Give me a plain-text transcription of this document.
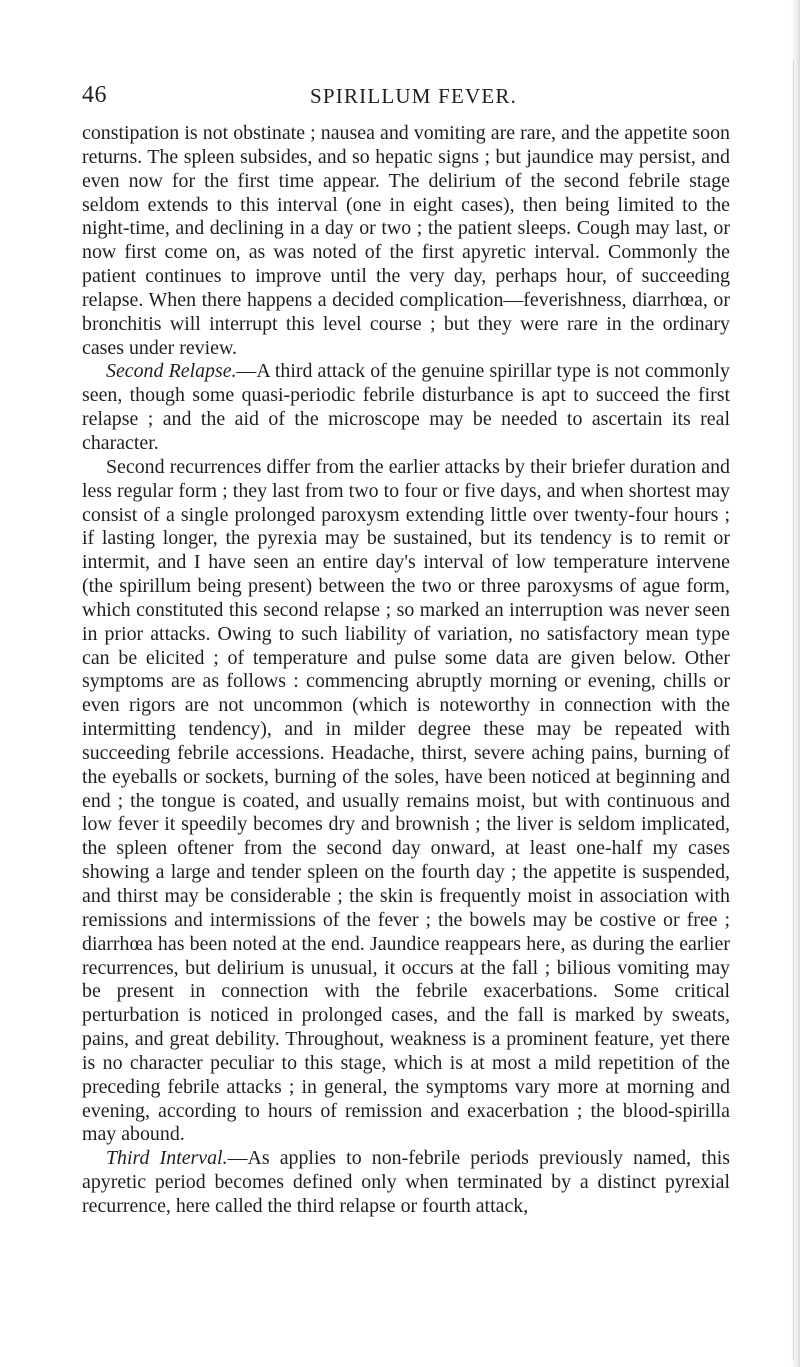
46	SPIRILLUM FEVER.

constipation is not obstinate ; nausea and vomiting are rare, and the appetite soon returns. The spleen subsides, and so hepatic signs ; but jaundice may persist, and even now for the first time appear. The delirium of the second febrile stage seldom extends to this interval (one in eight cases), then being limited to the night-time, and declining in a day or two ; the patient sleeps. Cough may last, or now first come on, as was noted of the first apyretic interval. Commonly the patient continues to improve until the very day, perhaps hour, of succeeding relapse. When there happens a decided complication—feverishness, diarrhœa, or bronchitis will interrupt this level course ; but they were rare in the ordinary cases under review.

Second Relapse.—A third attack of the genuine spirillar type is not commonly seen, though some quasi-periodic febrile disturbance is apt to succeed the first relapse ; and the aid of the microscope may be needed to ascertain its real character.

Second recurrences differ from the earlier attacks by their briefer duration and less regular form ; they last from two to four or five days, and when shortest may consist of a single prolonged paroxysm extending little over twenty-four hours ; if lasting longer, the pyrexia may be sustained, but its tendency is to remit or intermit, and I have seen an entire day's interval of low temperature intervene (the spirillum being present) between the two or three paroxysms of ague form, which constituted this second relapse ; so marked an interruption was never seen in prior attacks. Owing to such liability of variation, no satisfactory mean type can be elicited ; of temperature and pulse some data are given below. Other symptoms are as follows : commencing abruptly morning or evening, chills or even rigors are not uncommon (which is noteworthy in connection with the intermitting tendency), and in milder degree these may be repeated with succeeding febrile accessions. Headache, thirst, severe aching pains, burning of the eyeballs or sockets, burning of the soles, have been noticed at beginning and end ; the tongue is coated, and usually remains moist, but with continuous and low fever it speedily becomes dry and brownish ; the liver is seldom implicated, the spleen oftener from the second day onward, at least one-half my cases showing a large and tender spleen on the fourth day ; the appetite is suspended, and thirst may be considerable ; the skin is frequently moist in association with remissions and intermissions of the fever ; the bowels may be costive or free ; diarrhœa has been noted at the end. Jaundice reappears here, as during the earlier recurrences, but delirium is unusual, it occurs at the fall ; bilious vomiting may be present in connection with the febrile exacerbations. Some critical perturbation is noticed in prolonged cases, and the fall is marked by sweats, pains, and great debility. Throughout, weakness is a prominent feature, yet there is no character peculiar to this stage, which is at most a mild repetition of the preceding febrile attacks ; in general, the symptoms vary more at morning and evening, according to hours of remission and exacerbation ; the blood-spirilla may abound.

Third Interval.—As applies to non-febrile periods previously named, this apyretic period becomes defined only when terminated by a distinct pyrexial recurrence, here called the third relapse or fourth attack,
